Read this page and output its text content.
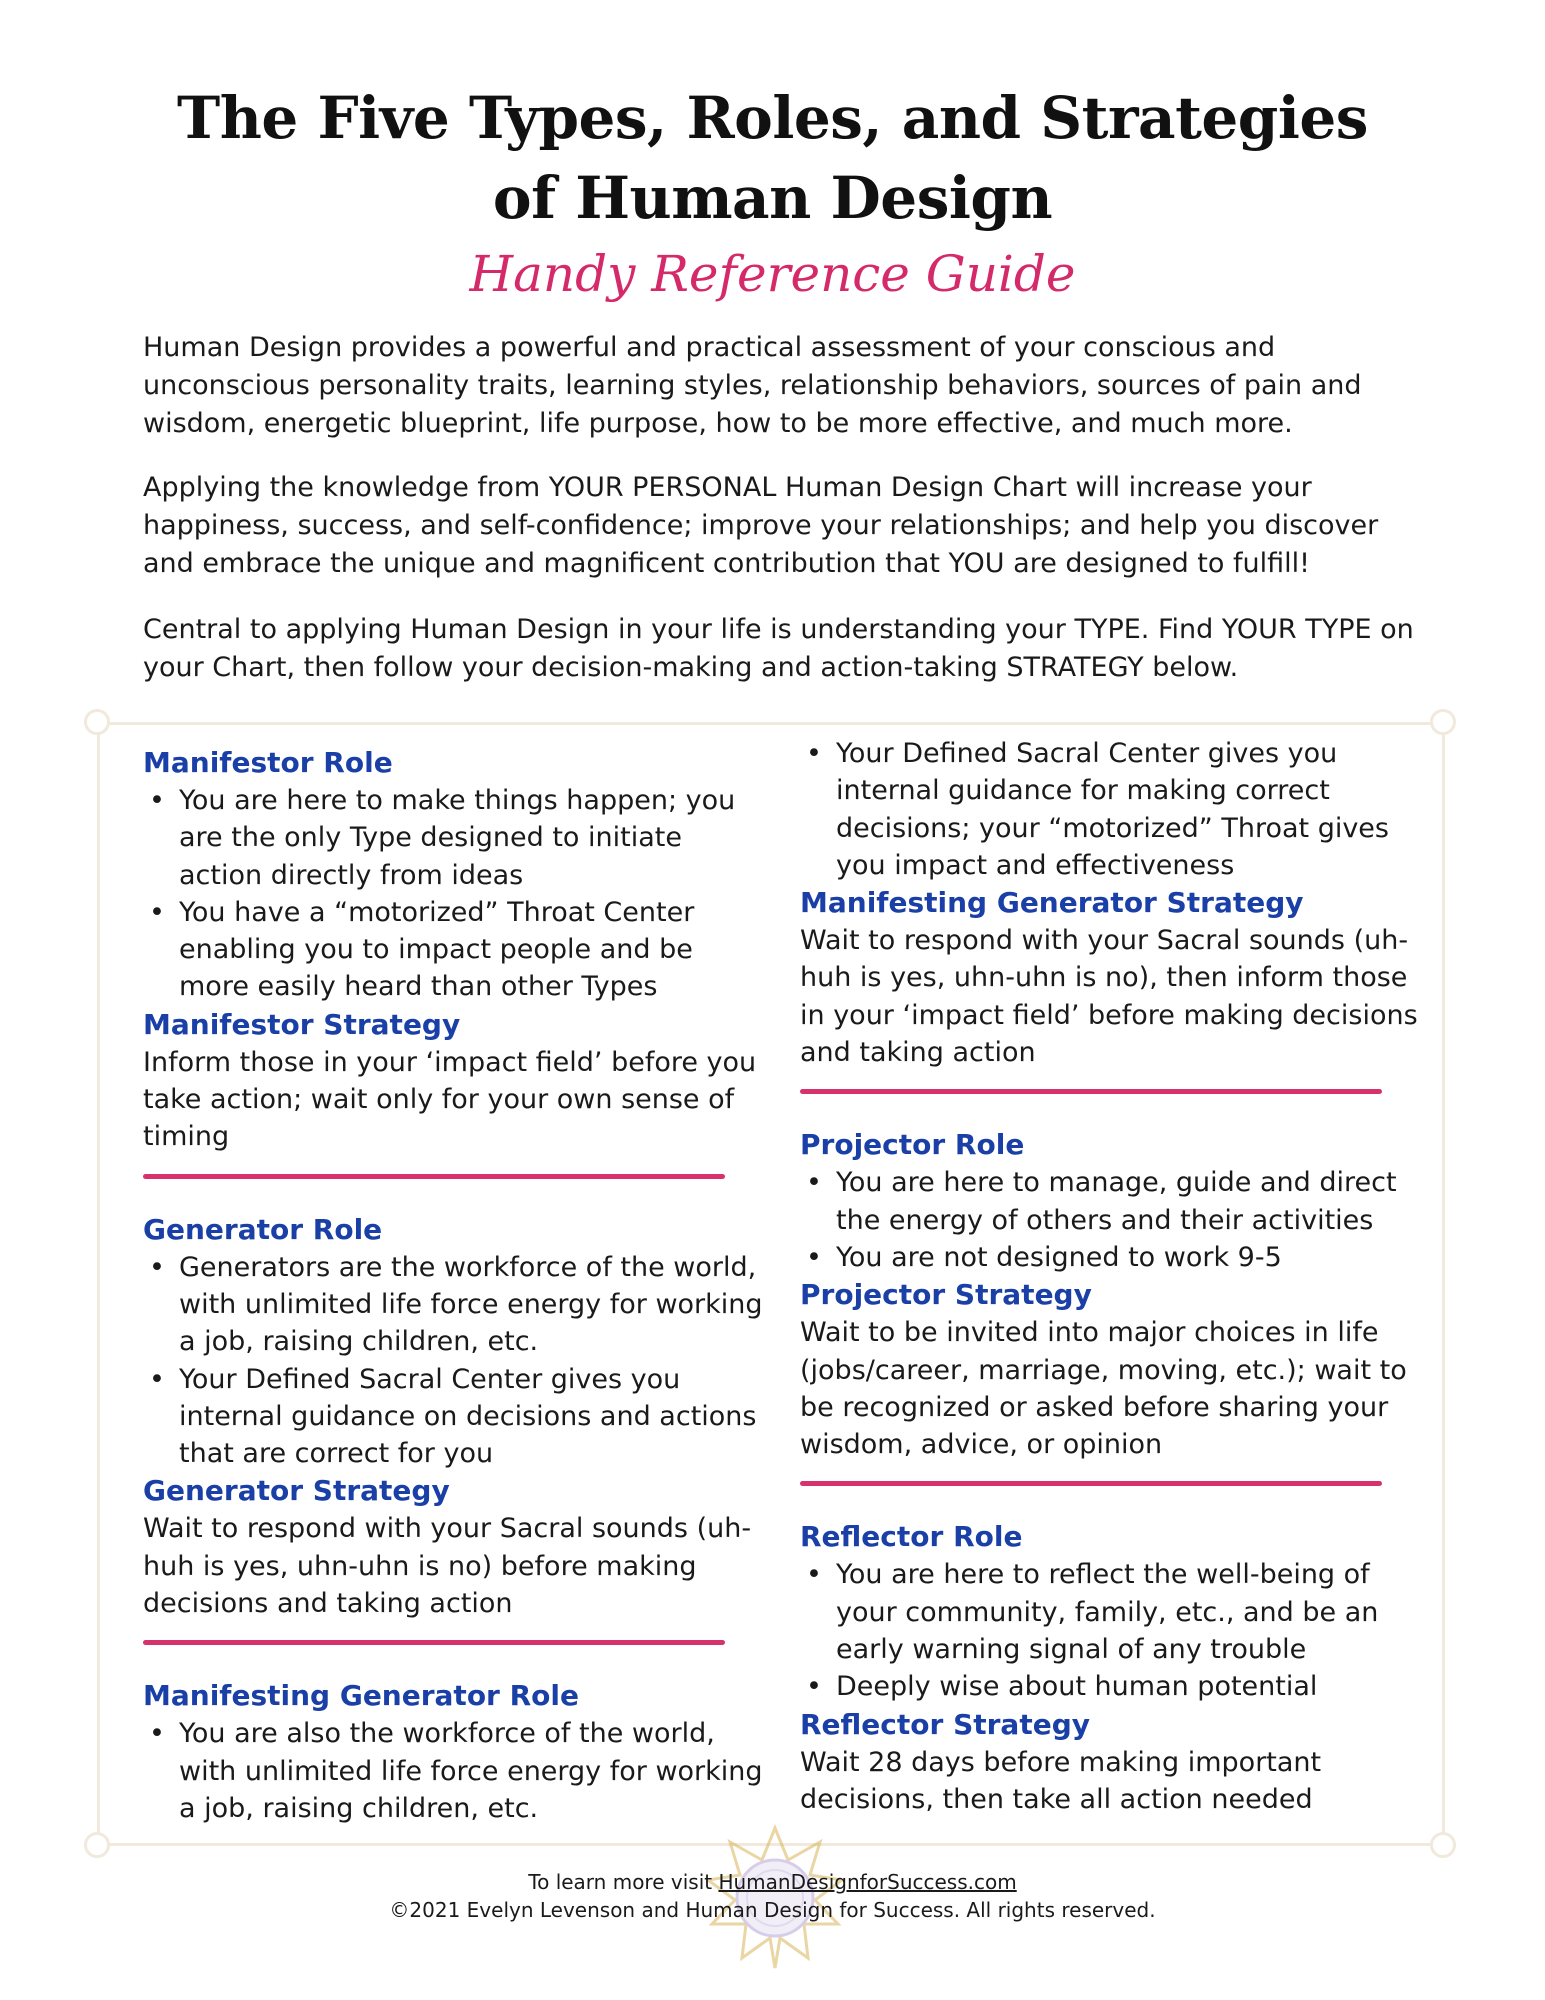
The Five Types, Roles, and Strategies
of Human Design
Handy Reference Guide

Human Design provides a powerful and practical assessment of your conscious and unconscious personality traits, learning styles, relationship behaviors, sources of pain and wisdom, energetic blueprint, life purpose, how to be more effective, and much more.

Applying the knowledge from YOUR PERSONAL Human Design Chart will increase your happiness, success, and self-confidence; improve your relationships; and help you discover and embrace the unique and magnificent contribution that YOU are designed to fulfill!

Central to applying Human Design in your life is understanding your TYPE. Find YOUR TYPE on your Chart, then follow your decision-making and action-taking STRATEGY below.

Manifestor Role
• You are here to make things happen; you are the only Type designed to initiate action directly from ideas
• You have a “motorized” Throat Center enabling you to impact people and be more easily heard than other Types
Manifestor Strategy

Inform those in your ‘impact field’ before you take action; wait only for your own sense of timing

Generator Role
• Generators are the workforce of the world, with unlimited life force energy for working a job, raising children, etc.
• Your Defined Sacral Center gives you internal guidance on decisions and actions that are correct for you
Generator Strategy

Wait to respond with your Sacral sounds (uh-huh is yes, uhn-uhn is no) before making decisions and taking action

Manifesting Generator Role
• You are also the workforce of the world, with unlimited life force energy for working a job, raising children, etc.
• Your Defined Sacral Center gives you internal guidance for making correct decisions; your “motorized” Throat gives you impact and effectiveness
Manifesting Generator Strategy

Wait to respond with your Sacral sounds (uh-huh is yes, uhn-uhn is no), then inform those in your ‘impact field’ before making decisions and taking action

Projector Role
• You are here to manage, guide and direct the energy of others and their activities
• You are not designed to work 9-5
Projector Strategy

Wait to be invited into major choices in life (jobs/career, marriage, moving, etc.); wait to be recognized or asked before sharing your wisdom, advice, or opinion

Reflector Role
• You are here to reflect the well-being of your community, family, etc., and be an early warning signal of any trouble
• Deeply wise about human potential
Reflector Strategy

Wait 28 days before making important decisions, then take all action needed

To learn more visit HumanDesignforSuccess.com
©2021 Evelyn Levenson and Human Design for Success. All rights reserved.
